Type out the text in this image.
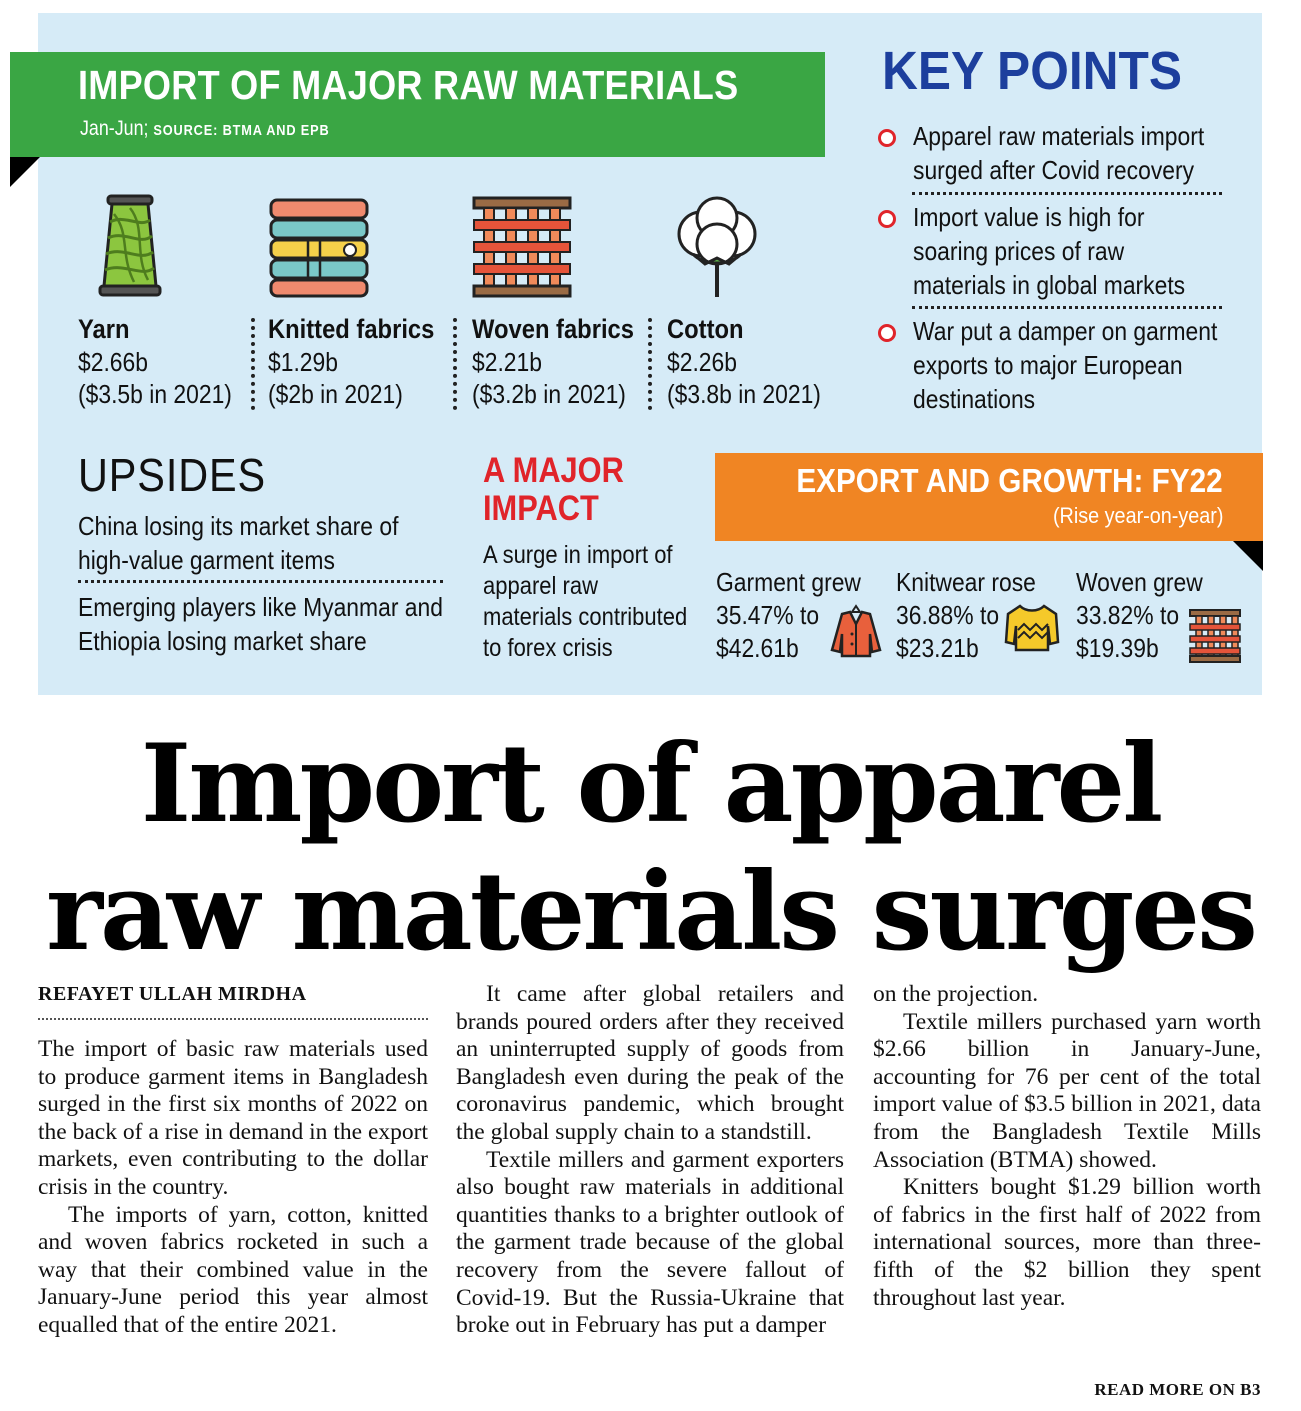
IMPORT OF MAJOR RAW MATERIALS
Jan-Jun; SOURCE: BTMA AND EPB
Yarn
$2.66b
($3.5b in 2021)
Knitted fabrics
$1.29b
($2b in 2021)
Woven fabrics
$2.21b
($3.2b in 2021)
Cotton
$2.26b
($3.8b in 2021)
KEY POINTS
Apparel raw materials import surged after Covid recovery
Import value is high for soaring prices of raw materials in global markets
War put a damper on garment exports to major European destinations
UPSIDES
China losing its market share of high-value garment items
Emerging players like Myanmar and Ethiopia losing market share
A MAJOR IMPACT
A surge in import of apparel raw materials contributed to forex crisis
EXPORT AND GROWTH: FY22
(Rise year-on-year)
Garment grew
35.47% to
$42.61b
Knitwear rose
36.88% to
$23.21b
Woven grew
33.82% to
$19.39b
Import of apparel
raw materials surges
REFAYET ULLAH MIRDHA

The import of basic raw materials used to produce garment items in Bangladesh surged in the first six months of 2022 on the back of a rise in demand in the export markets, even contributing to the dollar crisis in the country.

The imports of yarn, cotton, knitted and woven fabrics rocketed in such a way that their combined value in the January-June period this year almost equalled that of the entire 2021.

It came after global retailers and brands poured orders after they received an uninterrupted supply of goods from Bangladesh even during the peak of the coronavirus pandemic, which brought the global supply chain to a standstill.

Textile millers and garment exporters also bought raw materials in additional quantities thanks to a brighter outlook of the garment trade because of the global recovery from the severe fallout of Covid-19. But the Russia-Ukraine that broke out in February has put a damper

on the projection.

Textile millers purchased yarn worth $2.66 billion in January-June, accounting for 76 per cent of the total import value of $3.5 billion in 2021, data from the Bangladesh Textile Mills Association (BTMA) showed.

Knitters bought $1.29 billion worth of fabrics in the first half of 2022 from international sources, more than three-fifth of the $2 billion they spent throughout last year.

READ MORE ON B3
